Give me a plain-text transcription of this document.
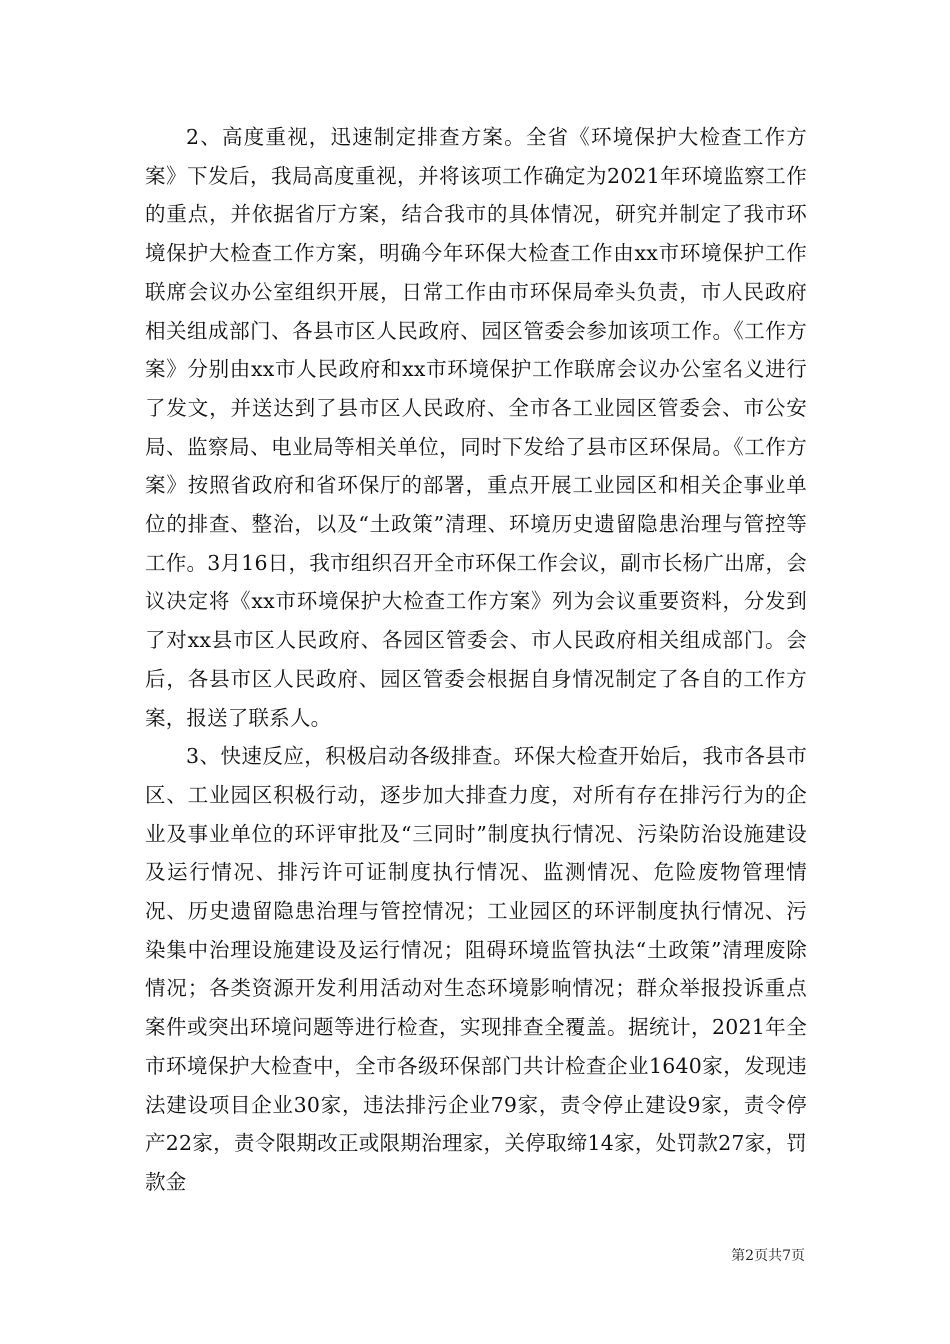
2、高度重视，迅速制定排查方案。全省《环境保护大检查工作方案》下发后，我局高度重视，并将该项工作确定为2021年环境监察工作的重点，并依据省厅方案，结合我市的具体情况，研究并制定了我市环境保护大检查工作方案，明确今年环保大检查工作由xx市环境保护工作联席会议办公室组织开展，日常工作由市环保局牵头负责，市人民政府相关组成部门、各县市区人民政府、园区管委会参加该项工作。《工作方案》分别由xx市人民政府和xx市环境保护工作联席会议办公室名义进行了发文，并送达到了县市区人民政府、全市各工业园区管委会、市公安局、监察局、电业局等相关单位，同时下发给了县市区环保局。《工作方案》按照省政府和省环保厅的部署，重点开展工业园区和相关企事业单位的排查、整治，以及“土政策”清理、环境历史遗留隐患治理与管控等工作。3月16日，我市组织召开全市环保工作会议，副市长杨广出席，会议决定将《xx市环境保护大检查工作方案》列为会议重要资料，分发到了对xx县市区人民政府、各园区管委会、市人民政府相关组成部门。会后，各县市区人民政府、园区管委会根据自身情况制定了各自的工作方案，报送了联系人。

3、快速反应，积极启动各级排查。环保大检查开始后，我市各县市区、工业园区积极行动，逐步加大排查力度，对所有存在排污行为的企业及事业单位的环评审批及“三同时”制度执行情况、污染防治设施建设及运行情况、排污许可证制度执行情况、监测情况、危险废物管理情况、历史遗留隐患治理与管控情况；工业园区的环评制度执行情况、污染集中治理设施建设及运行情况；阻碍环境监管执法“土政策”清理废除情况；各类资源开发利用活动对生态环境影响情况；群众举报投诉重点案件或突出环境问题等进行检查，实现排查全覆盖。据统计，2021年全市环境保护大检查中，全市各级环保部门共计检查企业1640家，发现违法建设项目企业30家，违法排污企业79家，责令停止建设9家，责令停产22家，责令限期改正或限期治理家，关停取缔14家，处罚款27家，罚款金

第2页共7页
